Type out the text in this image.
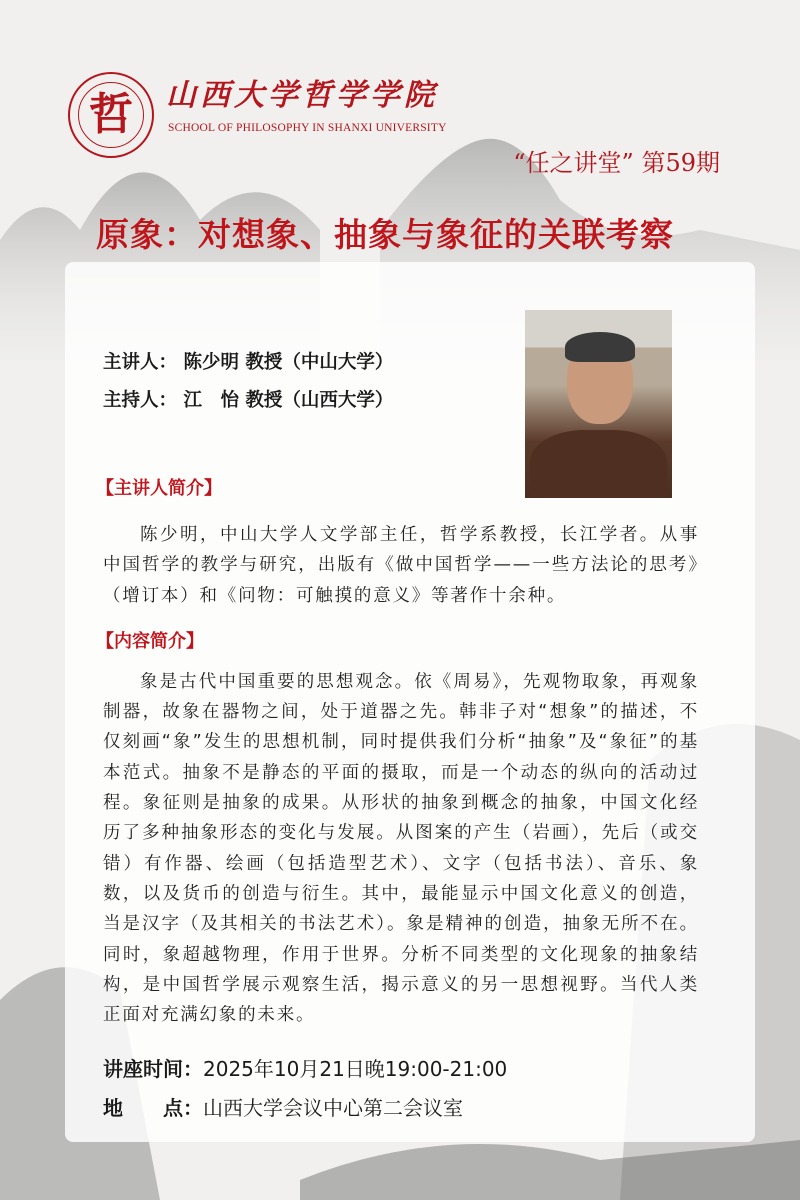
哲	山西大学哲学学院
SCHOOL OF PHILOSOPHY IN SHANXI UNIVERSITY
“任之讲堂” 第59期
原象：对想象、抽象与象征的关联考察
主讲人： 陈少明 教授（中山大学）
主持人： 江　怡 教授（山西大学）
【主讲人简介】
陈少明，中山大学人文学部主任，哲学系教授，长江学者。从事中国哲学的教学与研究，出版有《做中国哲学——一些方法论的思考》（增订本）和《问物：可触摸的意义》等著作十余种。
【内容简介】
象是古代中国重要的思想观念。依《周易》，先观物取象，再观象制器，故象在器物之间，处于道器之先。韩非子对“想象”的描述，不仅刻画“象”发生的思想机制，同时提供我们分析“抽象”及“象征”的基本范式。抽象不是静态的平面的摄取，而是一个动态的纵向的活动过程。象征则是抽象的成果。从形状的抽象到概念的抽象，中国文化经历了多种抽象形态的变化与发展。从图案的产生（岩画），先后（或交错）有作器、绘画（包括造型艺术）、文字（包括书法）、音乐、象数，以及货币的创造与衍生。其中，最能显示中国文化意义的创造，当是汉字（及其相关的书法艺术）。象是精神的创造，抽象无所不在。同时，象超越物理，作用于世界。分析不同类型的文化现象的抽象结构，是中国哲学展示观察生活，揭示意义的另一思想视野。当代人类正面对充满幻象的未来。
讲座时间：2025年10月21日晚19:00-21:00
地　　点：山西大学会议中心第二会议室
